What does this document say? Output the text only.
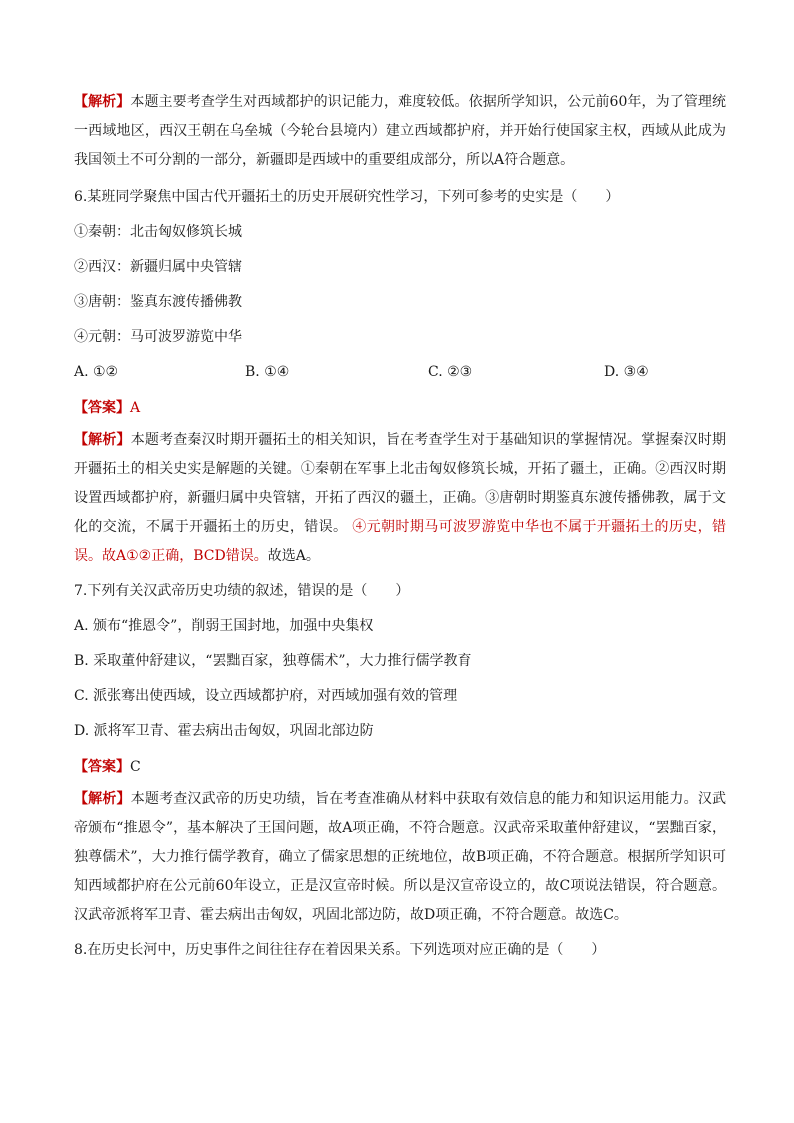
【解析】本题主要考查学生对西域都护的识记能力，难度较低。依据所学知识，公元前60年，为了管理统一西域地区，西汉王朝在乌垒城（今轮台县境内）建立西域都护府，并开始行使国家主权，西域从此成为我国领土不可分割的一部分，新疆即是西域中的重要组成部分，所以A符合题意。

6.某班同学聚焦中国古代开疆拓土的历史开展研究性学习，下列可参考的史实是（　　）

①秦朝：北击匈奴修筑长城

②西汉：新疆归属中央管辖

③唐朝：鉴真东渡传播佛教

④元朝：马可波罗游览中华

A. ①②	B. ①④	C. ②③	D. ③④

【答案】A

【解析】本题考查秦汉时期开疆拓土的相关知识，旨在考查学生对于基础知识的掌握情况。掌握秦汉时期开疆拓土的相关史实是解题的关键。①秦朝在军事上北击匈奴修筑长城，开拓了疆土，正确。②西汉时期设置西域都护府，新疆归属中央管辖，开拓了西汉的疆土，正确。③唐朝时期鉴真东渡传播佛教，属于文化的交流，不属于开疆拓土的历史，错误。 ④元朝时期马可波罗游览中华也不属于开疆拓土的历史，错误。故A①②正确，BCD错误。故选A。

7.下列有关汉武帝历史功绩的叙述，错误的是（　　）

A. 颁布“推恩令”，削弱王国封地，加强中央集权

B. 采取董仲舒建议，“罢黜百家，独尊儒术”，大力推行儒学教育

C. 派张骞出使西域，设立西域都护府，对西域加强有效的管理

D. 派将军卫青、霍去病出击匈奴，巩固北部边防

【答案】C

【解析】本题考查汉武帝的历史功绩，旨在考查准确从材料中获取有效信息的能力和知识运用能力。汉武帝颁布“推恩令”，基本解决了王国问题，故A项正确，不符合题意。汉武帝采取董仲舒建议，“罢黜百家，独尊儒术”，大力推行儒学教育，确立了儒家思想的正统地位，故B项正确，不符合题意。根据所学知识可知西域都护府在公元前60年设立，正是汉宣帝时候。所以是汉宣帝设立的，故C项说法错误，符合题意。汉武帝派将军卫青、霍去病出击匈奴，巩固北部边防，故D项正确，不符合题意。故选C。

8.在历史长河中，历史事件之间往往存在着因果关系。下列选项对应正确的是（　　）
